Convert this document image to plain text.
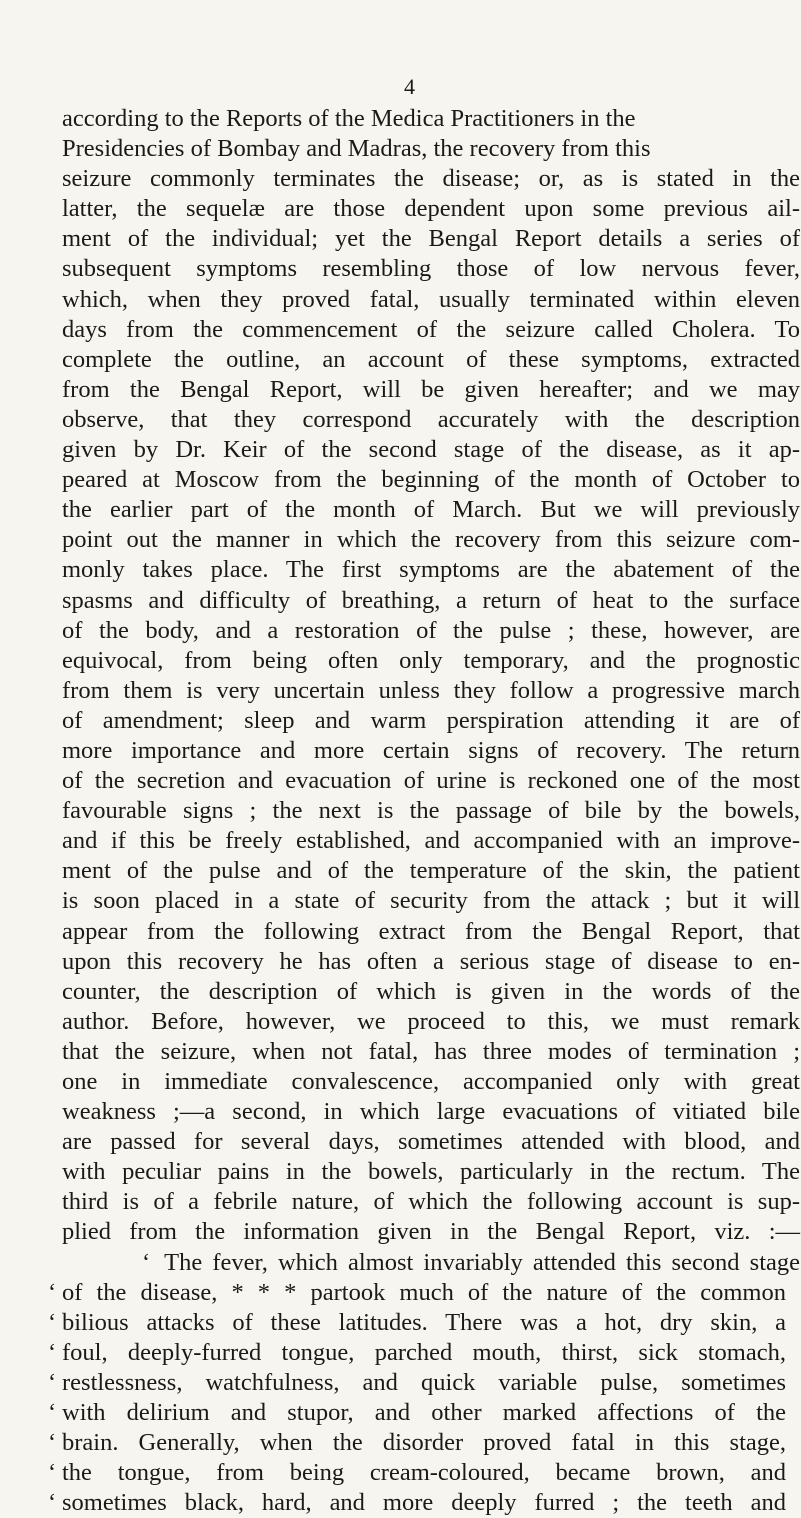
4
according to the Reports of the Medica Practitioners in the
Presidencies of Bombay and Madras, the recovery from this
seizure commonly terminates the disease; or, as is stated in the
latter, the sequelæ are those dependent upon some previous ail-
ment of the individual; yet the Bengal Report details a series of
subsequent symptoms resembling those of low nervous fever,
which, when they proved fatal, usually terminated within eleven
days from the commencement of the seizure called Cholera. To
complete the outline, an account of these symptoms, extracted
from the Bengal Report, will be given hereafter; and we may
observe, that they correspond accurately with the description
given by Dr. Keir of the second stage of the disease, as it ap-
peared at Moscow from the beginning of the month of October to
the earlier part of the month of March. But we will previously
point out the manner in which the recovery from this seizure com-
monly takes place. The first symptoms are the abatement of the
spasms and difficulty of breathing, a return of heat to the surface
of the body, and a restoration of the pulse ; these, however, are
equivocal, from being often only temporary, and the prognostic
from them is very uncertain unless they follow a progressive march
of amendment; sleep and warm perspiration attending it are of
more importance and more certain signs of recovery. The return
of the secretion and evacuation of urine is reckoned one of the most
favourable signs ; the next is the passage of bile by the bowels,
and if this be freely established, and accompanied with an improve-
ment of the pulse and of the temperature of the skin, the patient
is soon placed in a state of security from the attack ; but it will
appear from the following extract from the Bengal Report, that
upon this recovery he has often a serious stage of disease to en-
counter, the description of which is given in the words of the
author. Before, however, we proceed to this, we must remark
that the seizure, when not fatal, has three modes of termination ;
one in immediate convalescence, accompanied only with great
weakness ;—a second, in which large evacuations of vitiated bile
are passed for several days, sometimes attended with blood, and
with peculiar pains in the bowels, particularly in the rectum. The
third is of a febrile nature, of which the following account is sup-
plied from the information given in the Bengal Report, viz. :—
‘ The fever, which almost invariably attended this second stage
‘ of the disease, * * * partook much of the nature of the common
‘ bilious attacks of these latitudes. There was a hot, dry skin, a
‘ foul, deeply-furred tongue, parched mouth, thirst, sick stomach,
‘ restlessness, watchfulness, and quick variable pulse, sometimes
‘ with delirium and stupor, and other marked affections of the
‘ brain. Generally, when the disorder proved fatal in this stage,
‘ the tongue, from being cream-coloured, became brown, and
‘ sometimes black, hard, and more deeply furred ; the teeth and
